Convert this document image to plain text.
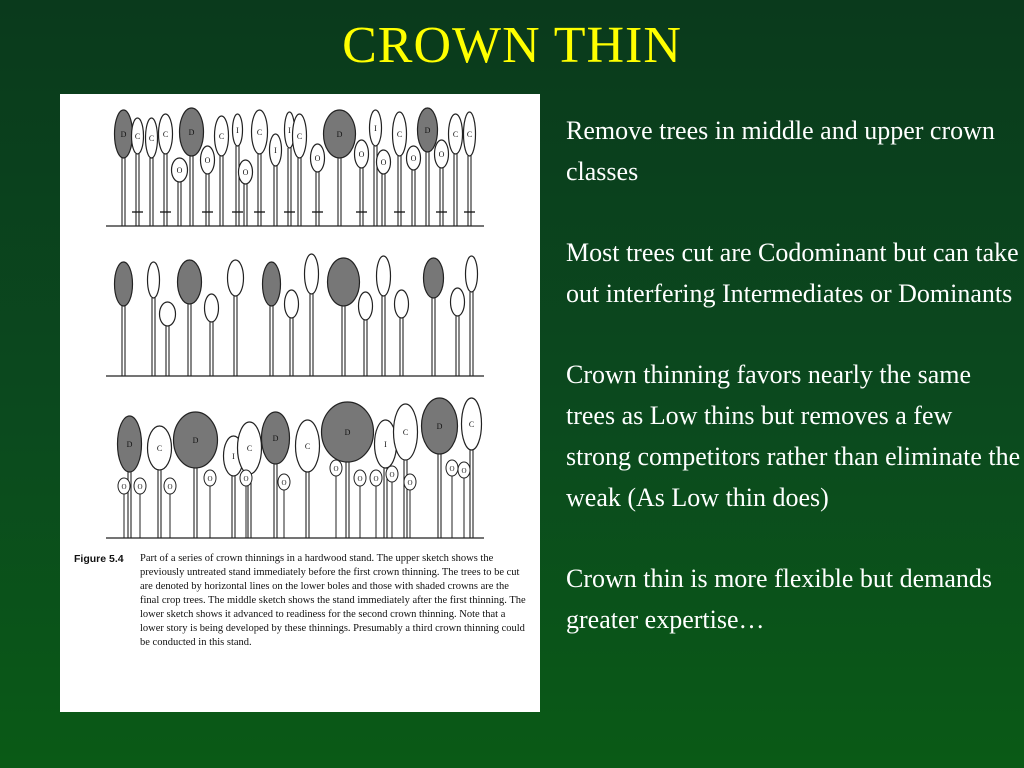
CROWN THIN
D C C C
O
D
O
C
I
O
C
I
I
C
O
D
O
I
O
C
O
D
O
C C
D	C
D
I
C
D
C
D
I
C
D	C
O O	O
O	O	O
O
O O O
O
O O
Figure 5.4 Part of a series of crown thinnings in a hardwood stand. The upper sketch shows the previously untreated stand immediately before the first crown thinning. The trees to be cut are denoted by horizontal lines on the lower boles and those with shaded crowns are the final crop trees. The middle sketch shows the stand immediately after the first thinning. The lower sketch shows it advanced to readiness for the second crown thinning. Note that a lower story is being developed by these thinnings. Presumably a third crown thinning could be conducted in this stand.

Remove trees in middle and upper crown classes

Most trees cut are Codominant but can take out interfering Intermediates or Dominants

Crown thinning favors nearly the same trees as Low thins but removes a few strong competitors rather than eliminate the weak (As Low thin does)

Crown thin is more flexible but demands greater expertise…
